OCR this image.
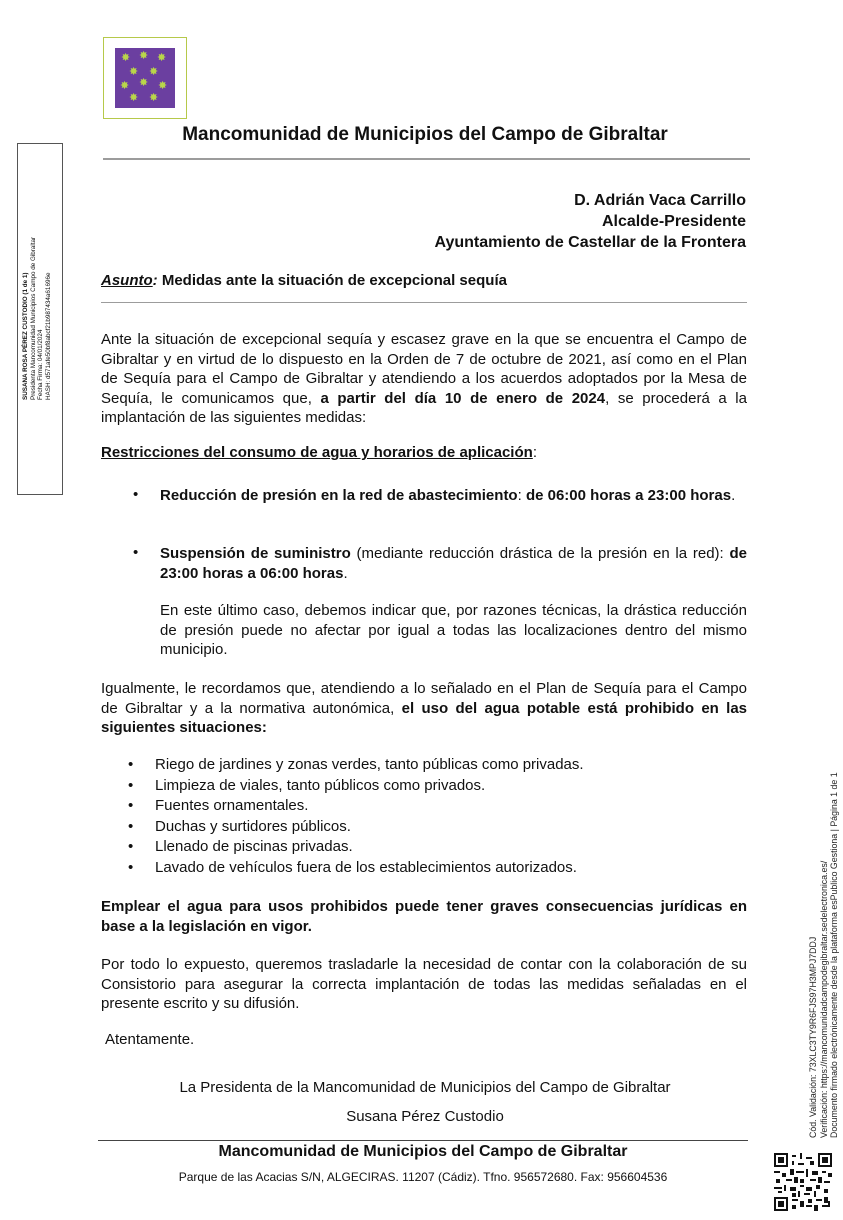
✸ ✸ ✸
✸ ✸
✸ ✸ ✸
✸ ✸
Mancomunidad de Municipios del Campo de Gibraltar
D. Adrián Vaca Carrillo
Alcalde-Presidente
Ayuntamiento de Castellar de la Frontera
Asunto: Medidas ante la situación de excepcional sequía
Ante la situación de excepcional sequía y escasez grave en la que se encuentra el Campo de Gibraltar y en virtud de lo dispuesto en la Orden de 7 de octubre de 2021, así como en el Plan de Sequía para el Campo de Gibraltar y atendiendo a los acuerdos adoptados por la Mesa de Sequía, le comunicamos que, a partir del día 10 de enero de 2024, se procederá a la implantación de las siguientes medidas:
Restricciones del consumo de agua y horarios de aplicación:
• Reducción de presión en la red de abastecimiento: de 06:00 horas a 23:00 horas.
• Suspensión de suministro (mediante reducción drástica de la presión en la red): de 23:00 horas a 06:00 horas.
En este último caso, debemos indicar que, por razones técnicas, la drástica reducción de presión puede no afectar por igual a todas las localizaciones dentro del mismo municipio.
Igualmente, le recordamos que, atendiendo a lo señalado en el Plan de Sequía para el Campo de Gibraltar y a la normativa autonómica, el uso del agua potable está prohibido en las siguientes situaciones:
• Riego de jardines y zonas verdes, tanto públicas como privadas.
• Limpieza de viales, tanto públicos como privados.
• Fuentes ornamentales.
• Duchas y surtidores públicos.
• Llenado de piscinas privadas.
• Lavado de vehículos fuera de los establecimientos autorizados.
Emplear el agua para usos prohibidos puede tener graves consecuencias jurídicas en base a la legislación en vigor.
Por todo lo expuesto, queremos trasladarle la necesidad de contar con la colaboración de su Consistorio para asegurar la correcta implantación de todas las medidas señaladas en el presente escrito y su difusión.
Atentamente.
La Presidenta de la Mancomunidad de Municipios del Campo de Gibraltar
Susana Pérez Custodio
Mancomunidad de Municipios del Campo de Gibraltar
Parque de las Acacias S/N, ALGECIRAS. 11207 (Cádiz). Tfno. 956572680. Fax: 956604536
SUSANA ROSA PÉREZ CUSTODIO (1 de 1) Presidenta Mancomunidad Municipios Campo de Gibraltar Fecha Firma: 04/01/2024 HASH: d571afe50bf8abcf21b987434a61696e
Cód. Validación: 73XLC3TY9R6FJS97H3MPJ7DDJ Verificación: https://mancomunidadcampodegibraltar.sedelectronica.es/ Documento firmado electrónicamente desde la plataforma esPublico Gestiona | Página 1 de 1
